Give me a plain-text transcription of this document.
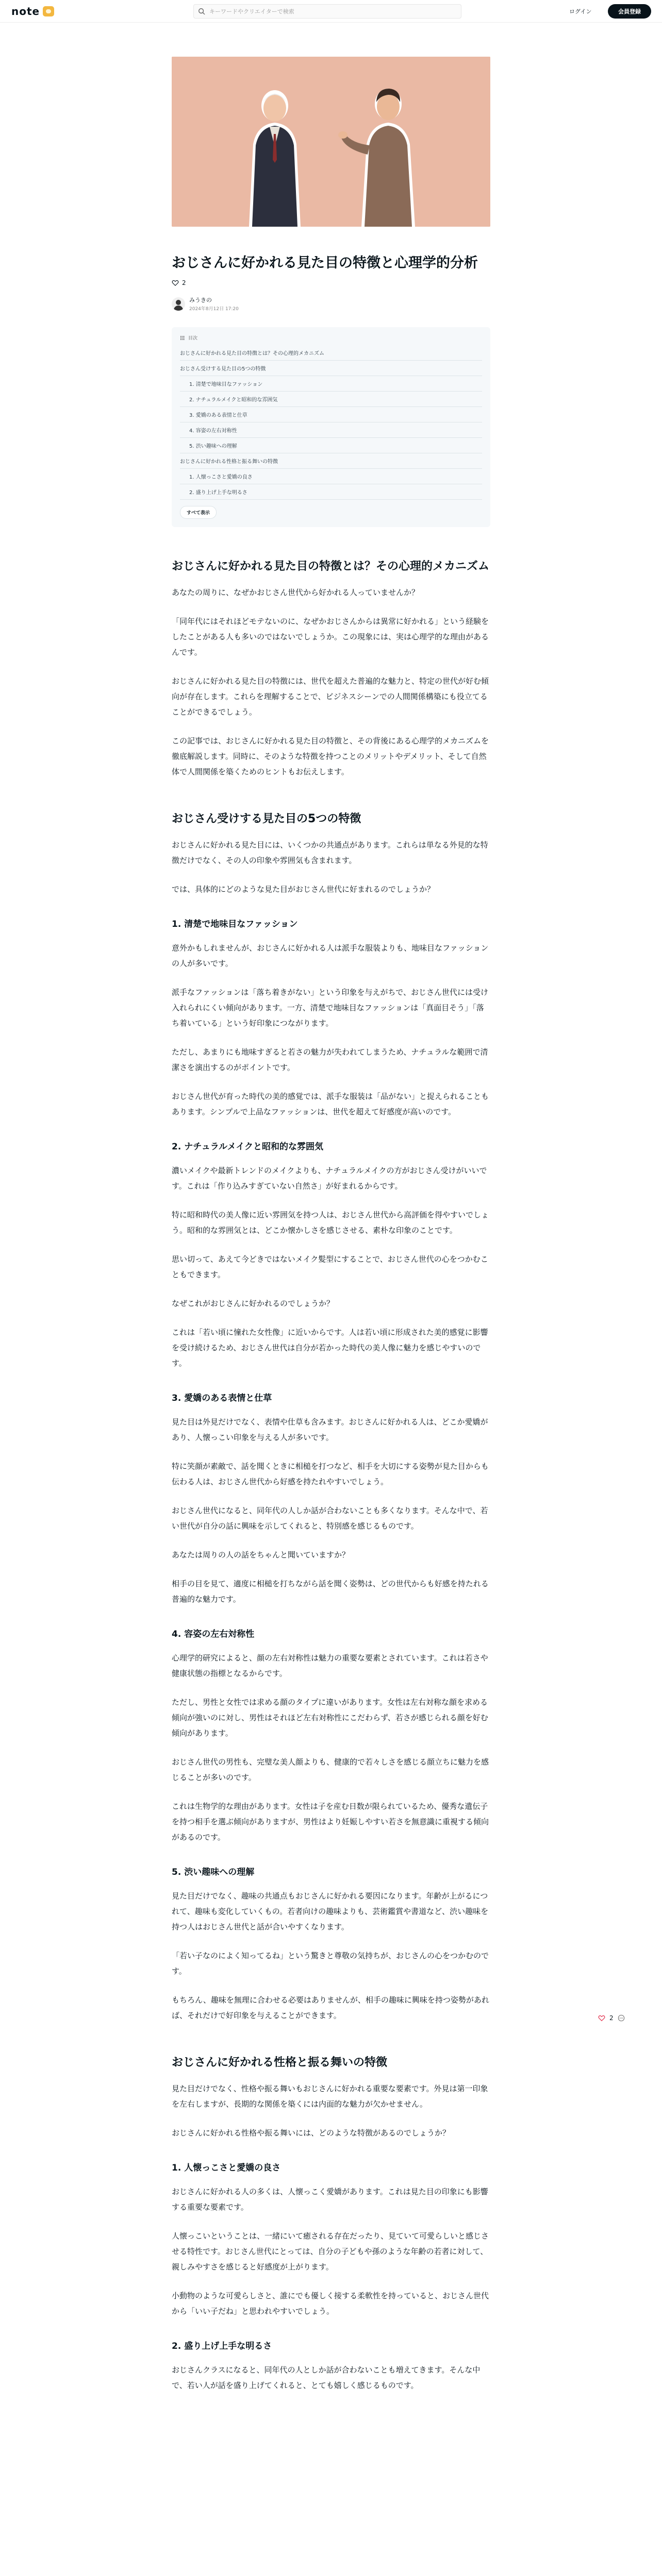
note
キーワードやクリエイターで検索	ログイン	会員登録
おじさんに好かれる見た目の特徴と心理学的分析
2
みうきの
2024年8月12日 17:20
目次
おじさんに好かれる見た目の特徴とは？その心理的メカニズム
おじさん受けする見た目の5つの特徴
1. 清楚で地味目なファッション
2. ナチュラルメイクと昭和的な雰囲気
3. 愛嬌のある表情と仕草
4. 容姿の左右対称性
5. 渋い趣味への理解
おじさんに好かれる性格と振る舞いの特徴
1. 人懐っこさと愛嬌の良さ
2. 盛り上げ上手な明るさ
すべて表示
おじさんに好かれる見た目の特徴とは？その心理的メカニズム

あなたの周りに、なぜかおじさん世代から好かれる人っていませんか？

「同年代にはそれほどモテないのに、なぜかおじさんからは異常に好かれる」という経験をしたことがある人も多いのではないでしょうか。この現象には、実は心理学的な理由があるんです。

おじさんに好かれる見た目の特徴には、世代を超えた普遍的な魅力と、特定の世代が好む傾向が存在します。これらを理解することで、ビジネスシーンでの人間関係構築にも役立てることができるでしょう。

この記事では、おじさんに好かれる見た目の特徴と、その背後にある心理学的メカニズムを徹底解説します。同時に、そのような特徴を持つことのメリットやデメリット、そして自然体で人間関係を築くためのヒントもお伝えします。

おじさん受けする見た目の5つの特徴

おじさんに好かれる見た目には、いくつかの共通点があります。これらは単なる外見的な特徴だけでなく、その人の印象や雰囲気も含まれます。

では、具体的にどのような見た目がおじさん世代に好まれるのでしょうか？

1. 清楚で地味目なファッション

意外かもしれませんが、おじさんに好かれる人は派手な服装よりも、地味目なファッションの人が多いです。

派手なファッションは「落ち着きがない」という印象を与えがちで、おじさん世代には受け入れられにくい傾向があります。一方、清楚で地味目なファッションは「真面目そう」「落ち着いている」という好印象につながります。

ただし、あまりにも地味すぎると若さの魅力が失われてしまうため、ナチュラルな範囲で清潔さを演出するのがポイントです。

おじさん世代が育った時代の美的感覚では、派手な服装は「品がない」と捉えられることもあります。シンプルで上品なファッションは、世代を超えて好感度が高いのです。

2. ナチュラルメイクと昭和的な雰囲気

濃いメイクや最新トレンドのメイクよりも、ナチュラルメイクの方がおじさん受けがいいです。これは「作り込みすぎていない自然さ」が好まれるからです。

特に昭和時代の美人像に近い雰囲気を持つ人は、おじさん世代から高評価を得やすいでしょう。昭和的な雰囲気とは、どこか懐かしさを感じさせる、素朴な印象のことです。

思い切って、あえて今どきではないメイク髪型にすることで、おじさん世代の心をつかむこともできます。

なぜこれがおじさんに好かれるのでしょうか？

これは「若い頃に憧れた女性像」に近いからです。人は若い頃に形成された美的感覚に影響を受け続けるため、おじさん世代は自分が若かった時代の美人像に魅力を感じやすいのです。

3. 愛嬌のある表情と仕草

見た目は外見だけでなく、表情や仕草も含みます。おじさんに好かれる人は、どこか愛嬌があり、人懐っこい印象を与える人が多いです。

特に笑顔が素敵で、話を聞くときに相槌を打つなど、相手を大切にする姿勢が見た目からも伝わる人は、おじさん世代から好感を持たれやすいでしょう。

おじさん世代になると、同年代の人しか話が合わないことも多くなります。そんな中で、若い世代が自分の話に興味を示してくれると、特別感を感じるものです。

あなたは周りの人の話をちゃんと聞いていますか？

相手の目を見て、適度に相槌を打ちながら話を聞く姿勢は、どの世代からも好感を持たれる普遍的な魅力です。

4. 容姿の左右対称性

心理学的研究によると、顔の左右対称性は魅力の重要な要素とされています。これは若さや健康状態の指標となるからです。

ただし、男性と女性では求める顔のタイプに違いがあります。女性は左右対称な顔を求める傾向が強いのに対し、男性はそれほど左右対称性にこだわらず、若さが感じられる顔を好む傾向があります。

おじさん世代の男性も、完璧な美人顔よりも、健康的で若々しさを感じる顔立ちに魅力を感じることが多いのです。

これは生物学的な理由があります。女性は子を産む日数が限られているため、優秀な遺伝子を持つ相手を選ぶ傾向がありますが、男性はより妊娠しやすい若さを無意識に重視する傾向があるのです。

5. 渋い趣味への理解

見た目だけでなく、趣味の共通点もおじさんに好かれる要因になります。年齢が上がるにつれて、趣味も変化していくもの。若者向けの趣味よりも、芸術鑑賞や書道など、渋い趣味を持つ人はおじさん世代と話が合いやすくなります。

「若い子なのによく知ってるね」という驚きと尊敬の気持ちが、おじさんの心をつかむのです。

もちろん、趣味を無理に合わせる必要はありませんが、相手の趣味に興味を持つ姿勢があれば、それだけで好印象を与えることができます。

おじさんに好かれる性格と振る舞いの特徴

見た目だけでなく、性格や振る舞いもおじさんに好かれる重要な要素です。外見は第一印象を左右しますが、長期的な関係を築くには内面的な魅力が欠かせません。

おじさんに好かれる性格や振る舞いには、どのような特徴があるのでしょうか？

1. 人懐っこさと愛嬌の良さ

おじさんに好かれる人の多くは、人懐っこく愛嬌があります。これは見た目の印象にも影響する重要な要素です。

人懐っこいということは、一緒にいて癒される存在だったり、見ていて可愛らしいと感じさせる特性です。おじさん世代にとっては、自分の子どもや孫のような年齢の若者に対して、親しみやすさを感じると好感度が上がります。

小動物のような可愛らしさと、誰にでも優しく接する柔軟性を持っていると、おじさん世代から「いい子だね」と思われやすいでしょう。

2. 盛り上げ上手な明るさ

おじさんクラスになると、同年代の人としか話が合わないことも増えてきます。そんな中で、若い人が話を盛り上げてくれると、とても嬉しく感じるものです。

2
